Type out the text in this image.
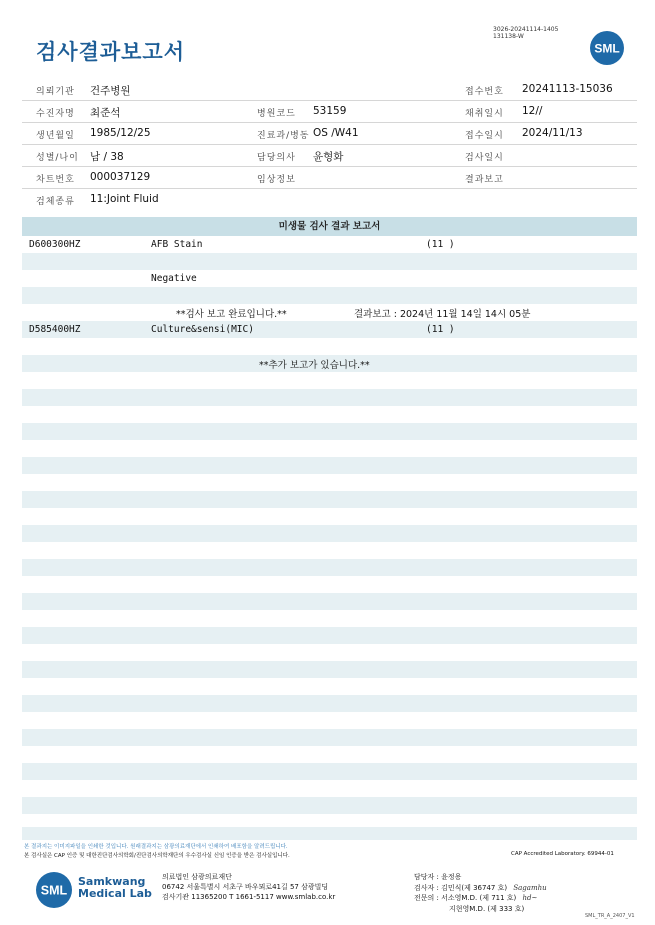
3026-20241114-1405
131138-W
검사결과보고서	SML
의뢰기관 건주병원	접수번호 20241113-15036
수진자명 최준석	병원코드 53159	채취일시 12//
생년월일 1985/12/25	진료과/병동 OS /W41	접수일시 2024/11/13
성별/나이 남 / 38	담당의사 윤형화	검사일시
차트번호 000037129	임상정보	결과보고
검체종류 11:Joint Fluid
미생물 검사 결과 보고서
D600300HZ	AFB Stain	(11 )
Negative
**검사 보고 완료입니다.**	결과보고 : 2024년 11월 14일 14시 05분
D585400HZ	Culture&sensi(MIC)	(11 )
**추가 보고가 있습니다.**
본 결과지는 이미지파일을 인쇄한 것입니다. 원래결과지는 삼광의료재단에서 인쇄하여 배포함을 알려드립니다.
본 검사실은 CAP 인증 및 대한진단검사의학회/진단검사의학재단의 우수검사실 신임 인증을 받은 검사실입니다.	CAP Accredited Laboratory. 69944-01
SML
Samkwang
Medical Lab
의료법인 삼광의료재단
06742 서울특별시 서초구 바우뫼로41길 57 삼광빌딩
검사기관 11365200 T 1661-5117 www.smlab.co.kr
담당자 : 윤정용
검사자 : 김민식(제 36747 호) Sagamhu
전문의 : 서소영M.D. (제 711 호) hd~
지현영M.D. (제 333 호)
SML_TR_A_2407_V1
